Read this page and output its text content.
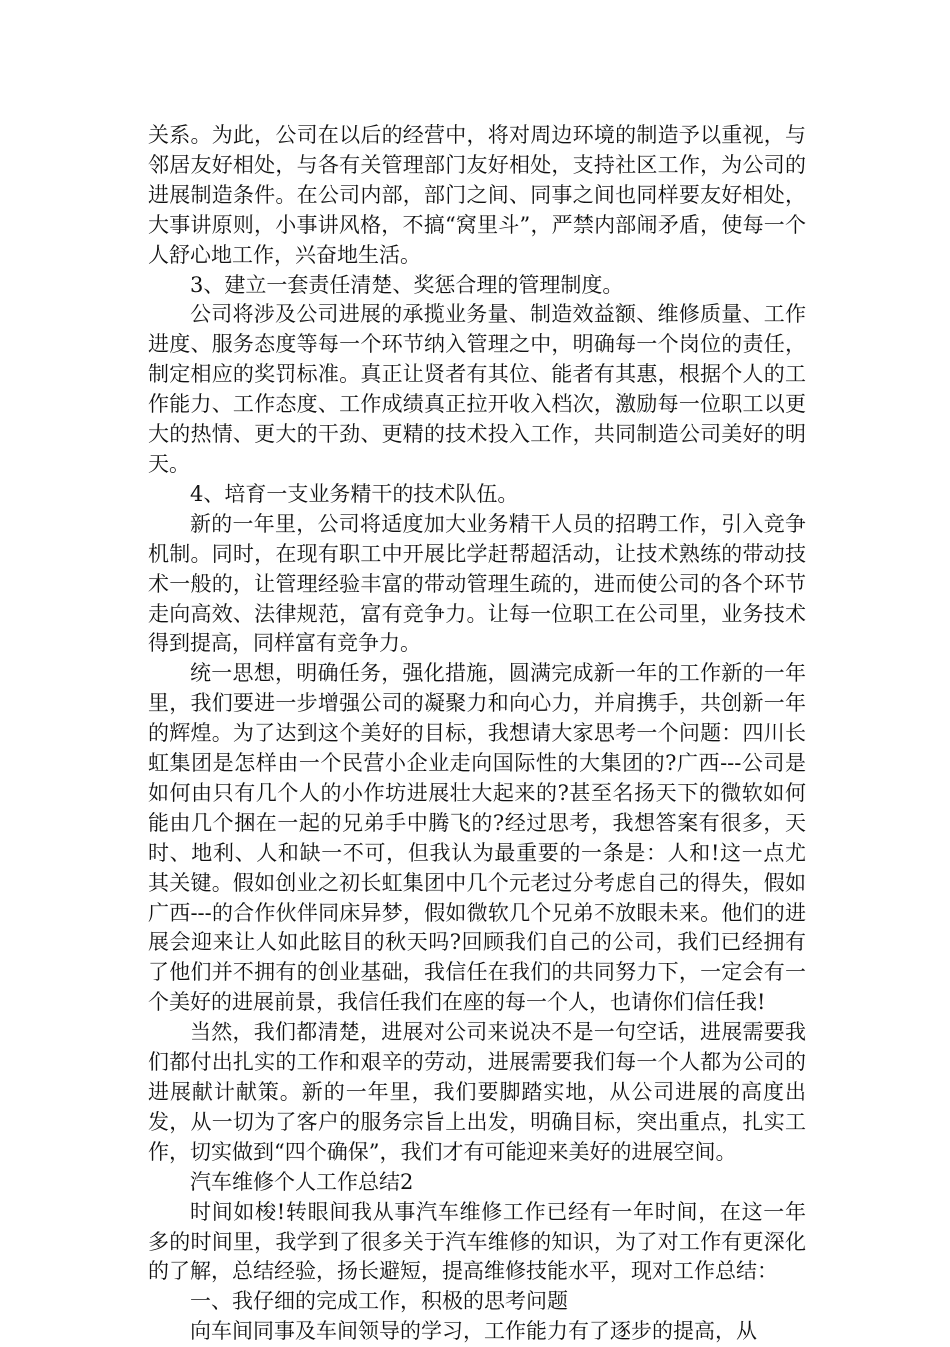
关系。为此，公司在以后的经营中，将对周边环境的制造予以重视，与邻居友好相处，与各有关管理部门友好相处，支持社区工作，为公司的进展制造条件。在公司内部，部门之间、同事之间也同样要友好相处，大事讲原则，小事讲风格，不搞“窝里斗”，严禁内部闹矛盾，使每一个人舒心地工作，兴奋地生活。

3、建立一套责任清楚、奖惩合理的管理制度。

公司将涉及公司进展的承揽业务量、制造效益额、维修质量、工作进度、服务态度等每一个环节纳入管理之中，明确每一个岗位的责任，制定相应的奖罚标准。真正让贤者有其位、能者有其惠，根据个人的工作能力、工作态度、工作成绩真正拉开收入档次，激励每一位职工以更大的热情、更大的干劲、更精的技术投入工作，共同制造公司美好的明天。

4、培育一支业务精干的技术队伍。

新的一年里，公司将适度加大业务精干人员的招聘工作，引入竞争机制。同时，在现有职工中开展比学赶帮超活动，让技术熟练的带动技术一般的，让管理经验丰富的带动管理生疏的，进而使公司的各个环节走向高效、法律规范，富有竞争力。让每一位职工在公司里，业务技术得到提高，同样富有竞争力。

统一思想，明确任务，强化措施，圆满完成新一年的工作新的一年里，我们要进一步增强公司的凝聚力和向心力，并肩携手，共创新一年的辉煌。为了达到这个美好的目标，我想请大家思考一个问题：四川长虹集团是怎样由一个民营小企业走向国际性的大集团的?广西---公司是如何由只有几个人的小作坊进展壮大起来的?甚至名扬天下的微软如何能由几个捆在一起的兄弟手中腾飞的?经过思考，我想答案有很多，天时、地利、人和缺一不可，但我认为最重要的一条是：人和!这一点尤其关键。假如创业之初长虹集团中几个元老过分考虑自己的得失，假如广西---的合作伙伴同床异梦，假如微软几个兄弟不放眼未来。他们的进展会迎来让人如此眩目的秋天吗?回顾我们自己的公司，我们已经拥有了他们并不拥有的创业基础，我信任在我们的共同努力下，一定会有一个美好的进展前景，我信任我们在座的每一个人，也请你们信任我!

当然，我们都清楚，进展对公司来说决不是一句空话，进展需要我们都付出扎实的工作和艰辛的劳动，进展需要我们每一个人都为公司的进展献计献策。新的一年里，我们要脚踏实地，从公司进展的高度出发，从一切为了客户的服务宗旨上出发，明确目标，突出重点，扎实工作，切实做到“四个确保”，我们才有可能迎来美好的进展空间。

汽车维修个人工作总结2

时间如梭!转眼间我从事汽车维修工作已经有一年时间，在这一年多的时间里，我学到了很多关于汽车维修的知识，为了对工作有更深化的了解，总结经验，扬长避短，提高维修技能水平，现对工作总结：

一、我仔细的完成工作，积极的思考问题

向车间同事及车间领导的学习，工作能力有了逐步的提高，从
